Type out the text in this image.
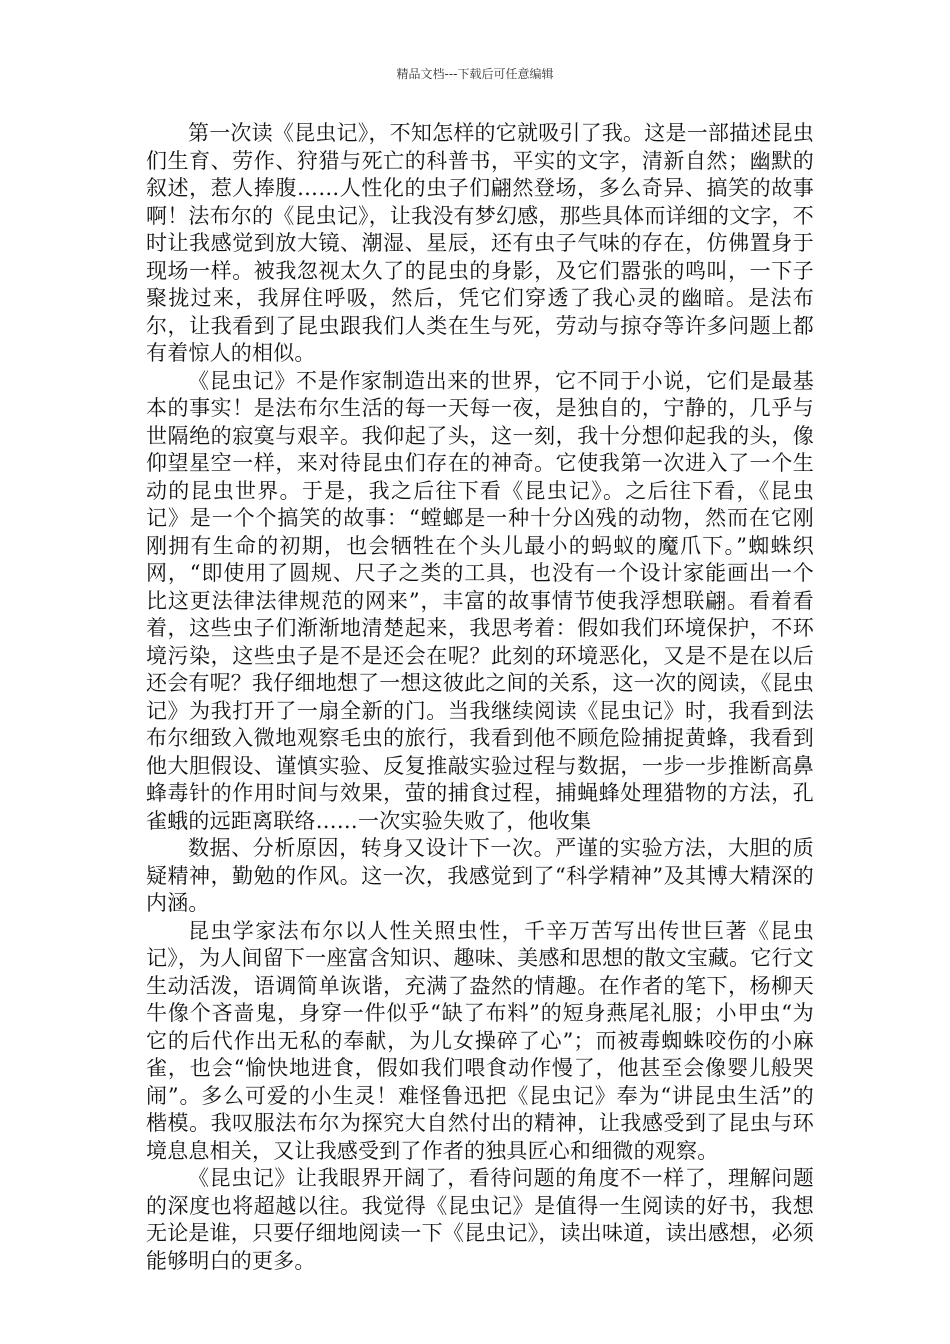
精品文档---下载后可任意编辑

第一次读《昆虫记》，不知怎样的它就吸引了我。这是一部描述昆虫们生育、劳作、狩猎与死亡的科普书，平实的文字，清新自然；幽默的叙述，惹人捧腹……人性化的虫子们翩然登场，多么奇异、搞笑的故事啊！法布尔的《昆虫记》，让我没有梦幻感，那些具体而详细的文字，不时让我感觉到放大镜、潮湿、星辰，还有虫子气味的存在，仿佛置身于现场一样。被我忽视太久了的昆虫的身影，及它们嚣张的鸣叫，一下子聚拢过来，我屏住呼吸，然后，凭它们穿透了我心灵的幽暗。是法布尔，让我看到了昆虫跟我们人类在生与死，劳动与掠夺等许多问题上都有着惊人的相似。

《昆虫记》不是作家制造出来的世界，它不同于小说，它们是最基本的事实！是法布尔生活的每一天每一夜，是独自的，宁静的，几乎与世隔绝的寂寞与艰辛。我仰起了头，这一刻，我十分想仰起我的头，像仰望星空一样，来对待昆虫们存在的神奇。它使我第一次进入了一个生动的昆虫世界。于是，我之后往下看《昆虫记》。之后往下看，《昆虫记》是一个个搞笑的故事：“螳螂是一种十分凶残的动物，然而在它刚刚拥有生命的初期，也会牺牲在个头儿最小的蚂蚁的魔爪下。”蜘蛛织网，“即使用了圆规、尺子之类的工具，也没有一个设计家能画出一个比这更法律法律规范的网来”，丰富的故事情节使我浮想联翩。看着看着，这些虫子们渐渐地清楚起来，我思考着：假如我们环境保护，不环境污染，这些虫子是不是还会在呢？此刻的环境恶化，又是不是在以后还会有呢？我仔细地想了一想这彼此之间的关系，这一次的阅读，《昆虫记》为我打开了一扇全新的门。当我继续阅读《昆虫记》时，我看到法布尔细致入微地观察毛虫的旅行，我看到他不顾危险捕捉黄蜂，我看到他大胆假设、谨慎实验、反复推敲实验过程与数据，一步一步推断高鼻蜂毒针的作用时间与效果，萤的捕食过程，捕蝇蜂处理猎物的方法，孔雀蛾的远距离联络……一次实验失败了，他收集

数据、分析原因，转身又设计下一次。严谨的实验方法，大胆的质疑精神，勤勉的作风。这一次，我感觉到了“科学精神”及其博大精深的内涵。

昆虫学家法布尔以人性关照虫性，千辛万苦写出传世巨著《昆虫记》，为人间留下一座富含知识、趣味、美感和思想的散文宝藏。它行文生动活泼，语调简单诙谐，充满了盎然的情趣。在作者的笔下，杨柳天牛像个吝啬鬼，身穿一件似乎“缺了布料”的短身燕尾礼服；小甲虫“为它的后代作出无私的奉献，为儿女操碎了心”；而被毒蜘蛛咬伤的小麻雀，也会“愉快地进食，假如我们喂食动作慢了，他甚至会像婴儿般哭闹”。多么可爱的小生灵！难怪鲁迅把《昆虫记》奉为“讲昆虫生活”的楷模。我叹服法布尔为探究大自然付出的精神，让我感受到了昆虫与环境息息相关，又让我感受到了作者的独具匠心和细微的观察。

《昆虫记》让我眼界开阔了，看待问题的角度不一样了，理解问题的深度也将超越以往。我觉得《昆虫记》是值得一生阅读的好书，我想无论是谁，只要仔细地阅读一下《昆虫记》，读出味道，读出感想，必须能够明白的更多。
